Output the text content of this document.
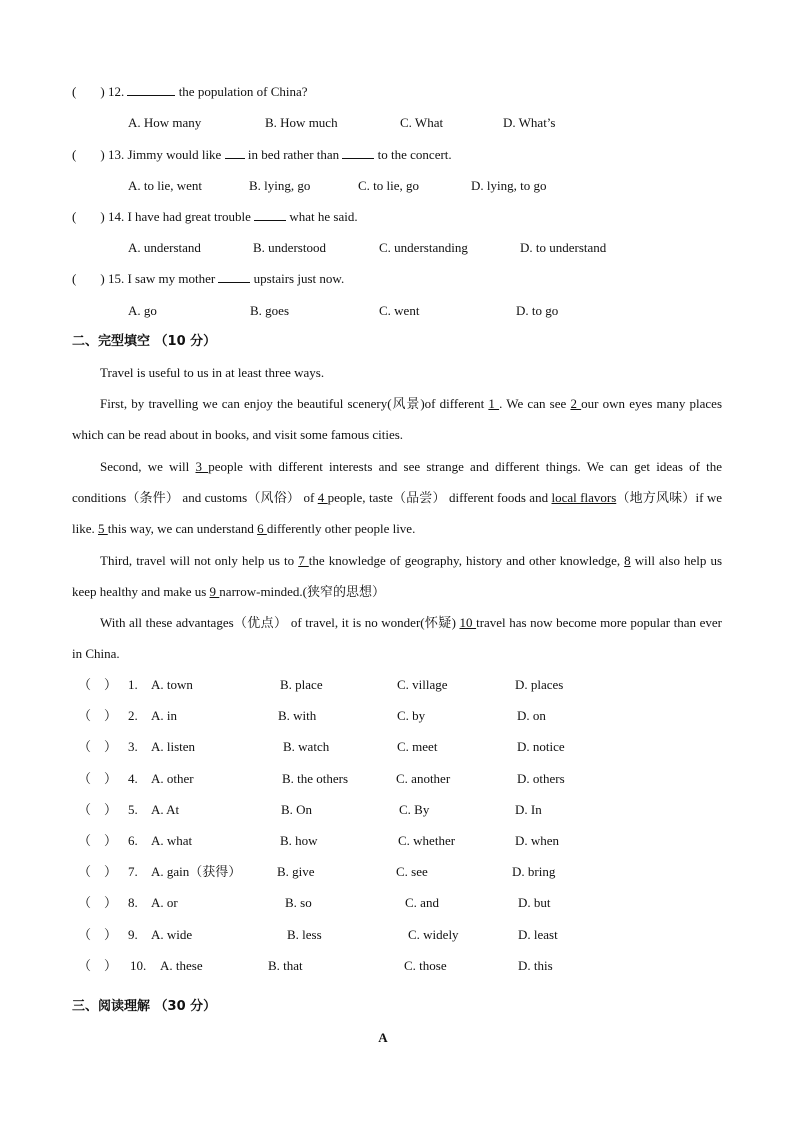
( ) 12.	the population of China?
A. How many	B. How much	C. What	D. What’s
( ) 13. Jimmy would like in bed rather than	to the concert.
A. to lie, went	B. lying, go	C. to lie, go	D. lying, to go
( ) 14. I have had great trouble	what he said.
A. understand	B. understood	C. understanding	D. to understand
( ) 15. I saw my mother	upstairs just now.
A. go	B. goes	C. went	D. to go
二、完型填空 （10 分）
Travel is useful to us in at least three ways.
First, by travelling we can enjoy the beautiful scenery(风景)of different 1 . We can see 2 our own eyes many places which can be read about in books, and visit some famous cities.
Second, we will 3 people with different interests and see strange and different things. We can get ideas of the conditions（条件） and customs（风俗） of 4 people, taste（品尝） different foods and local flavors（地方风味）if we like. 5 this way, we can understand 6 differently other people live.
Third, travel will not only help us to 7 the knowledge of geography, history and other knowledge, 8 will also help us keep healthy and make us 9 narrow-minded.(狭窄的思想）
With all these advantages（优点） of travel, it is no wonder(怀疑) 10 travel has now become more popular than ever in China.
（ ） 1. A. town	B. place	C. village	D. places
（ ） 2. A. in	B. with	C. by	D. on
（ ） 3. A. listen	B. watch	C. meet	D. notice
（ ） 4. A. other	B. the others	C. another	D. others
（ ） 5. A. At	B. On	C. By	D. In
（ ） 6. A. what	B. how	C. whether	D. when
（ ） 7. A. gain（获得）	B. give	C. see	D. bring
（ ） 8. A. or	B. so	C. and	D. but
（ ） 9. A. wide	B. less	C. widely	D. least
（ ） 10. A. these	B. that	C. those	D. this
三、阅读理解 （30 分）
A
